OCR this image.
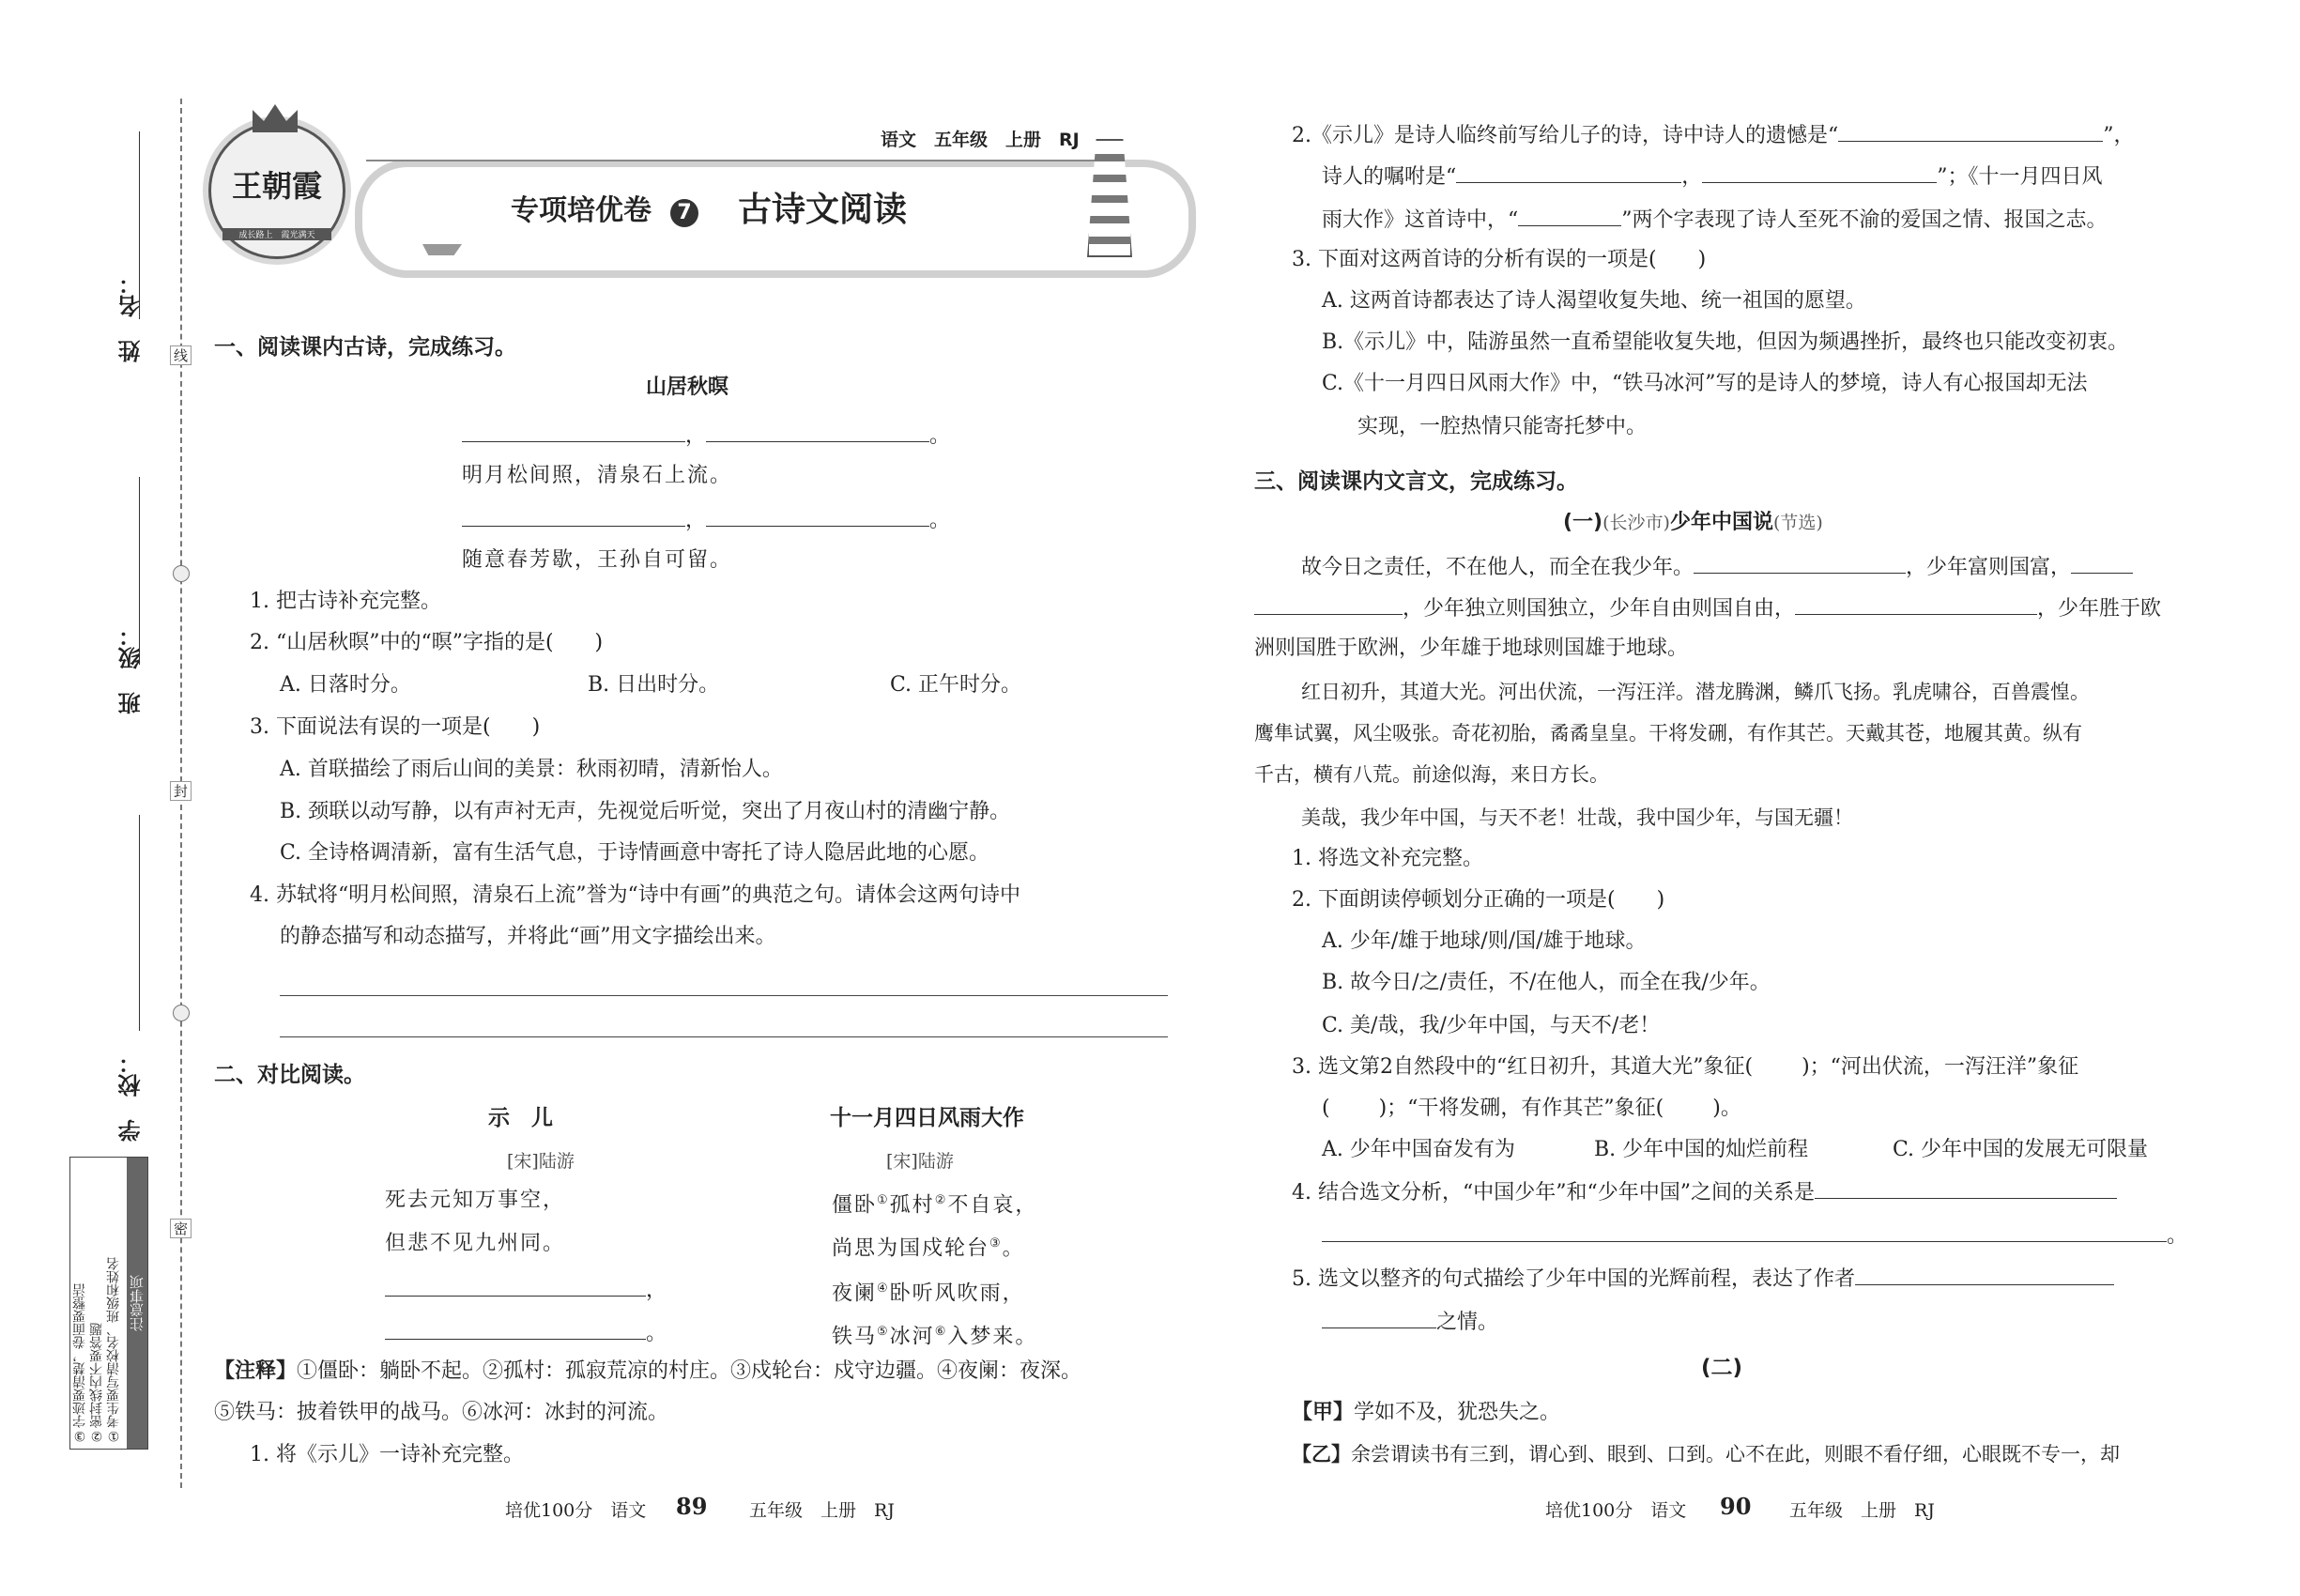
线
封
密
姓　名：
班　级：
学　校：
注意事项
①考生要写清校名、班级和姓名
②密封线内不要答题
③字迹要清楚，卷面要整洁
王朝霞
成长路上　霞光满天
语文　五年级　上册　RJ
专项培优卷	7 古诗文阅读
一、阅读课内古诗，完成练习。
山居秋暝
，	。
明月松间照，清泉石上流。
，	。
随意春芳歇，王孙自可留。
1. 把古诗补充完整。
2. “山居秋暝”中的“暝”字指的是(　　)
A. 日落时分。	B. 日出时分。	C. 正午时分。
3. 下面说法有误的一项是(　　)
A. 首联描绘了雨后山间的美景：秋雨初晴，清新怡人。
B. 颈联以动写静，以有声衬无声，先视觉后听觉，突出了月夜山村的清幽宁静。
C. 全诗格调清新，富有生活气息，于诗情画意中寄托了诗人隐居此地的心愿。
4. 苏轼将“明月松间照，清泉石上流”誉为“诗中有画”的典范之句。请体会这两句诗中
的静态描写和动态描写，并将此“画”用文字描绘出来。
二、对比阅读。
示　儿
[宋]陆游
死去元知万事空，
但悲不见九州同。
，
。
十一月四日风雨大作
[宋]陆游
僵卧①孤村②不自哀，
尚思为国戍轮台③。
夜阑④卧听风吹雨，
铁马⑤冰河⑥入梦来。
【注释】①僵卧：躺卧不起。②孤村：孤寂荒凉的村庄。③戍轮台：戍守边疆。④夜阑：夜深。
⑤铁马：披着铁甲的战马。⑥冰河：冰封的河流。
1. 将《示儿》一诗补充完整。
培优100分　语文 89 五年级　上册　RJ
2.《示儿》是诗人临终前写给儿子的诗，诗中诗人的遗憾是“	”，
诗人的嘱咐是“	，	”；《十一月四日风
雨大作》这首诗中，“	”两个字表现了诗人至死不渝的爱国之情、报国之志。
3. 下面对这两首诗的分析有误的一项是(　　)
A. 这两首诗都表达了诗人渴望收复失地、统一祖国的愿望。
B.《示儿》中，陆游虽然一直希望能收复失地，但因为频遇挫折，最终也只能改变初衷。
C.《十一月四日风雨大作》中，“铁马冰河”写的是诗人的梦境，诗人有心报国却无法
实现，一腔热情只能寄托梦中。
三、阅读课内文言文，完成练习。
(一)(长沙市)少年中国说(节选)
故今日之责任，不在他人，而全在我少年。	，少年富则国富，
，少年独立则国独立，少年自由则国自由，	，少年胜于欧
洲则国胜于欧洲，少年雄于地球则国雄于地球。
红日初升，其道大光。河出伏流，一泻汪洋。潜龙腾渊，鳞爪飞扬。乳虎啸谷，百兽震惶。
鹰隼试翼，风尘吸张。奇花初胎，矞矞皇皇。干将发硎，有作其芒。天戴其苍，地履其黄。纵有
千古，横有八荒。前途似海，来日方长。
美哉，我少年中国，与天不老！壮哉，我中国少年，与国无疆！
1. 将选文补充完整。
2. 下面朗读停顿划分正确的一项是(　　)
A. 少年/雄于地球/则/国/雄于地球。
B. 故今日/之/责任，不/在他人，而全在我/少年。
C. 美/哉，我/少年中国，与天不/老！
3. 选文第2自然段中的“红日初升，其道大光”象征( )；“河出伏流，一泻汪洋”象征
( )；“干将发硎，有作其芒”象征( )。
A. 少年中国奋发有为	B. 少年中国的灿烂前程	C. 少年中国的发展无可限量
4. 结合选文分析，“中国少年”和“少年中国”之间的关系是
。
5. 选文以整齐的句式描绘了少年中国的光辉前程，表达了作者
之情。
(二)
【甲】学如不及，犹恐失之。
【乙】余尝谓读书有三到，谓心到、眼到、口到。心不在此，则眼不看仔细，心眼既不专一，却
培优100分　语文 90 五年级　上册　RJ
